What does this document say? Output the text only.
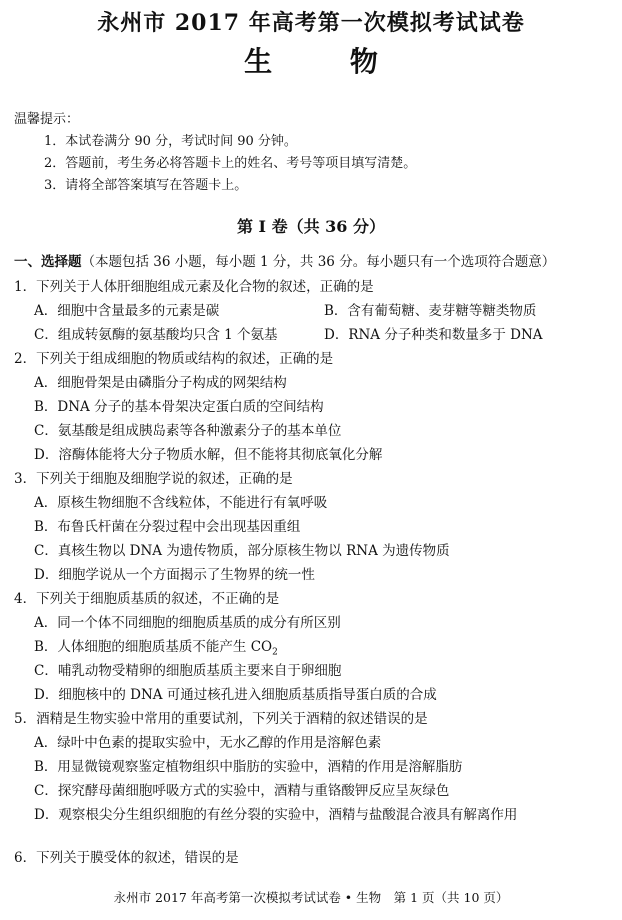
永州市 2017 年高考第一次模拟考试试卷
生 物
温馨提示：
1．本试卷满分 90 分，考试时间 90 分钟。
2．答题前，考生务必将答题卡上的姓名、考号等项目填写清楚。
3．请将全部答案填写在答题卡上。
第 Ⅰ 卷（共 36 分）
一、选择题（本题包括 36 小题，每小题 1 分，共 36 分。每小题只有一个选项符合题意）
1．下列关于人体肝细胞组成元素及化合物的叙述，正确的是
A．细胞中含量最多的元素是碳	B．含有葡萄糖、麦芽糖等糖类物质
C．组成转氨酶的氨基酸均只含 1 个氨基	D．RNA 分子种类和数量多于 DNA
2．下列关于组成细胞的物质或结构的叙述，正确的是
A．细胞骨架是由磷脂分子构成的网架结构
B．DNA 分子的基本骨架决定蛋白质的空间结构
C．氨基酸是组成胰岛素等各种激素分子的基本单位
D．溶酶体能将大分子物质水解，但不能将其彻底氧化分解
3．下列关于细胞及细胞学说的叙述，正确的是
A．原核生物细胞不含线粒体，不能进行有氧呼吸
B．布鲁氏杆菌在分裂过程中会出现基因重组
C．真核生物以 DNA 为遗传物质，部分原核生物以 RNA 为遗传物质
D．细胞学说从一个方面揭示了生物界的统一性
4．下列关于细胞质基质的叙述，不正确的是
A．同一个体不同细胞的细胞质基质的成分有所区别
B．人体细胞的细胞质基质不能产生 $CO_2$
C．哺乳动物受精卵的细胞质基质主要来自于卵细胞
D．细胞核中的 DNA 可通过核孔进入细胞质基质指导蛋白质的合成
5．酒精是生物实验中常用的重要试剂，下列关于酒精的叙述错误的是
A．绿叶中色素的提取实验中，无水乙醇的作用是溶解色素
B．用显微镜观察鉴定植物组织中脂肪的实验中，酒精的作用是溶解脂肪
C．探究酵母菌细胞呼吸方式的实验中，酒精与重铬酸钾反应呈灰绿色
D．观察根尖分生组织细胞的有丝分裂的实验中，酒精与盐酸混合液具有解离作用
6．下列关于膜受体的叙述，错误的是
永州市 2017 年高考第一次模拟考试试卷 • 生物　第 1 页（共 10 页）
